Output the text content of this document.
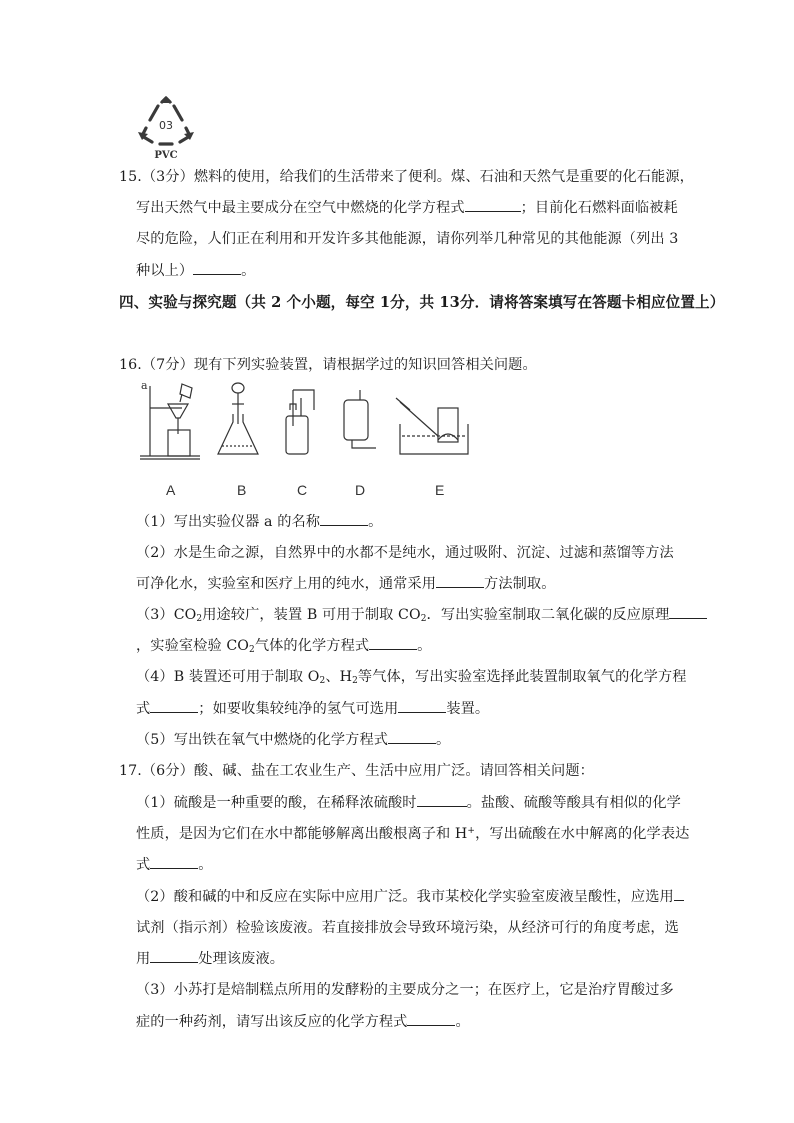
03
PVC
15.（3分）燃料的使用，给我们的生活带来了便利。煤、石油和天然气是重要的化石能源，
写出天然气中最主要成分在空气中燃烧的化学方程式	；目前化石燃料面临被耗
尽的危险，人们正在利用和开发许多其他能源，请你列举几种常见的其他能源（列出 3
种以上）	。
四、实验与探究题（共 2 个小题，每空 1分，共 13分．请将答案填写在答题卡相应位置上）
16.（7分）现有下列实验装置，请根据学过的知识回答相关问题。
a
A	B	C	D	E
（1）写出实验仪器 a 的名称	。
（2）水是生命之源，自然界中的水都不是纯水，通过吸附、沉淀、过滤和蒸馏等方法
可净化水，实验室和医疗上用的纯水，通常采用	方法制取。
$(3)CO_2$用途较广，装置 B 可用于制取 $CO_2$．写出实验室制取二氧化碳的反应原理
，实验室检验 $CO_2$气体的化学方程式	。
（4）B 装置还可用于制取 $O_2$、$H_2$等气体，写出实验室选择此装置制取氧气的化学方程
式	；如要收集较纯净的氢气可选用	装置。
（5）写出铁在氧气中燃烧的化学方程式	。
17.（6分）酸、碱、盐在工农业生产、生活中应用广泛。请回答相关问题：
（1）硫酸是一种重要的酸，在稀释浓硫酸时	。盐酸、硫酸等酸具有相似的化学
性质，是因为它们在水中都能够解离出酸根离子和 H+，写出硫酸在水中解离的化学表达
式	。
（2）酸和碱的中和反应在实际中应用广泛。我市某校化学实验室废液呈酸性，应选用
试剂（指示剂）检验该废液。若直接排放会导致环境污染，从经济可行的角度考虑，选
用	处理该废液。
（3）小苏打是焙制糕点所用的发酵粉的主要成分之一；在医疗上，它是治疗胃酸过多
症的一种药剂，请写出该反应的化学方程式	。
